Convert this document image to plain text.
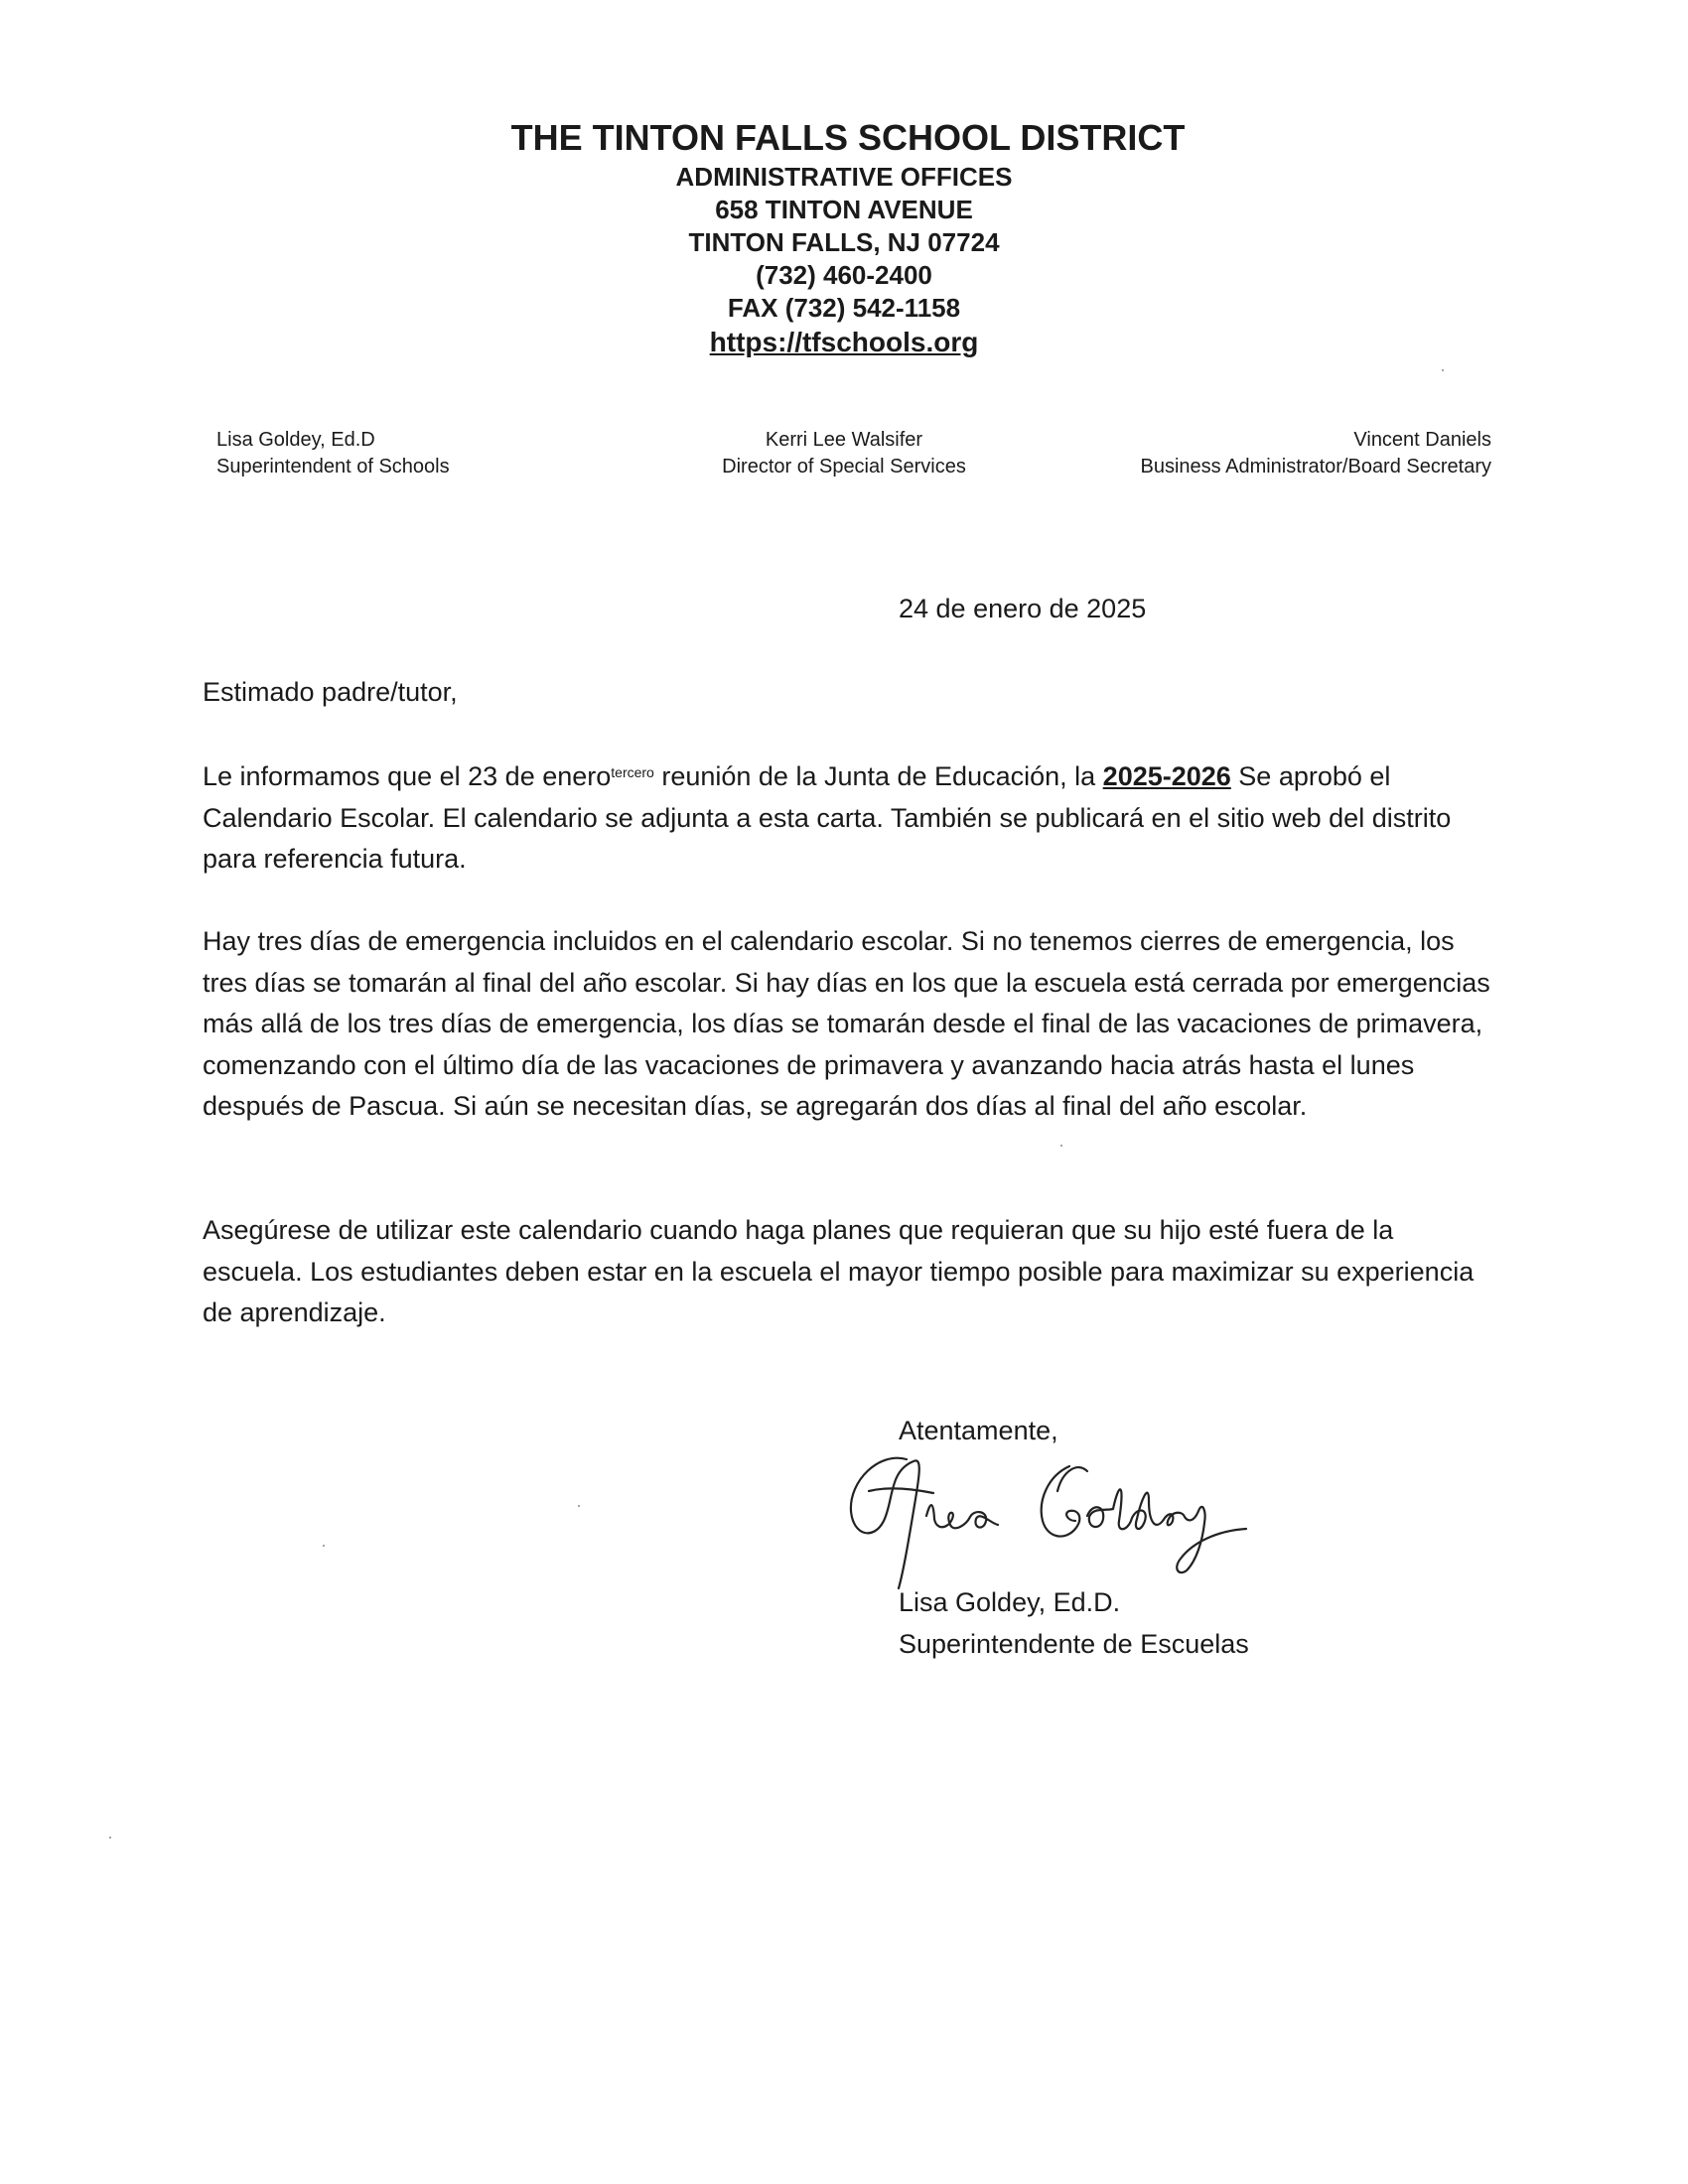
THE TINTON FALLS SCHOOL DISTRICT

ADMINISTRATIVE OFFICES

658 TINTON AVENUE

TINTON FALLS, NJ 07724

(732) 460-2400

FAX (732) 542-1158

https://tfschools.org

Lisa Goldey, Ed.D
Superintendent of Schools
Kerri Lee Walsifer
Director of Special Services
Vincent Daniels
Business Administrator/Board Secretary
24 de enero de 2025
Estimado padre/tutor,

Le informamos que el 23 de enero$^{tercero}$ reunión de la Junta de Educación, la 2025-2026 Se aprobó el Calendario Escolar. El calendario se adjunta a esta carta. También se publicará en el sitio web del distrito para referencia futura.

Hay tres días de emergencia incluidos en el calendario escolar. Si no tenemos cierres de emergencia, los tres días se tomarán al final del año escolar. Si hay días en los que la escuela está cerrada por emergencias más allá de los tres días de emergencia, los días se tomarán desde el final de las vacaciones de primavera, comenzando con el último día de las vacaciones de primavera y avanzando hacia atrás hasta el lunes después de Pascua. Si aún se necesitan días, se agregarán dos días al final del año escolar.

Asegúrese de utilizar este calendario cuando haga planes que requieran que su hijo esté fuera de la escuela. Los estudiantes deben estar en la escuela el mayor tiempo posible para maximizar su experiencia de aprendizaje.

Atentamente,
Lisa Goldey, Ed.D.
Superintendente de Escuelas
